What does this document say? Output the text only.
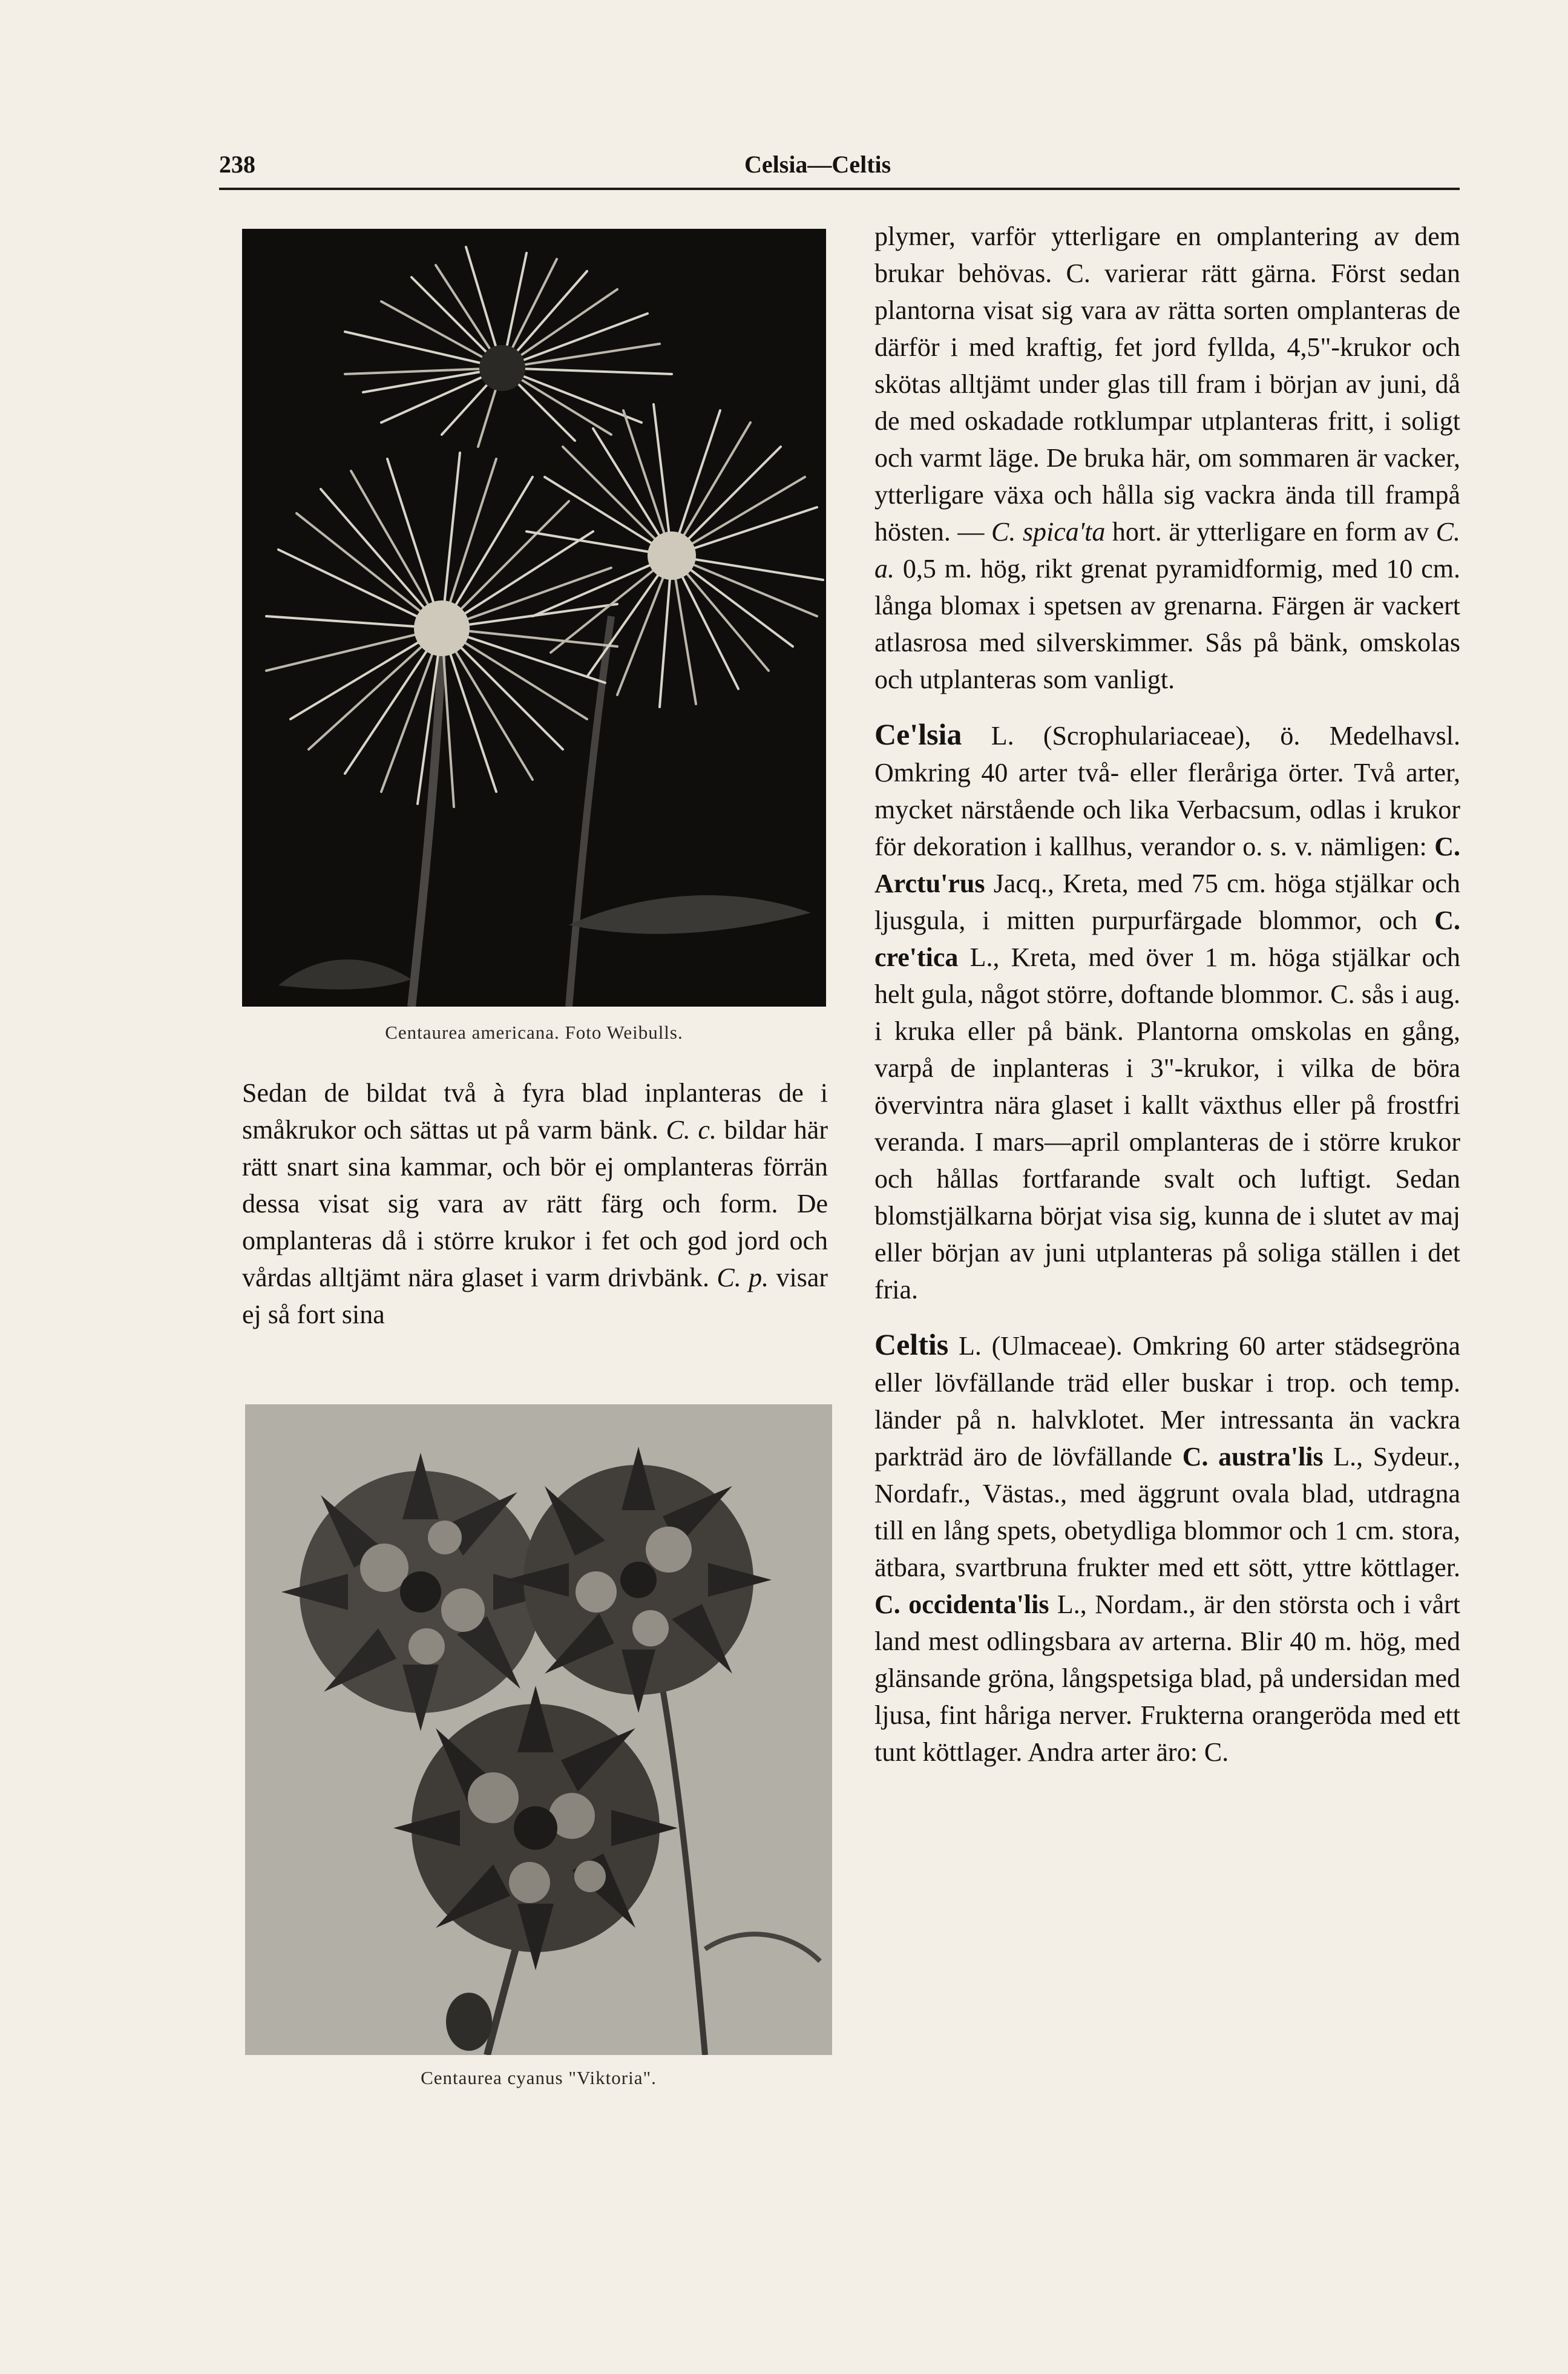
238	Celsia—Celtis
Centaurea americana. Foto Weibulls.

Sedan de bildat två à fyra blad inplanteras de i småkrukor och sättas ut på varm bänk. C. c. bildar här rätt snart sina kammar, och bör ej omplanteras förrän dessa visat sig vara av rätt färg och form. De omplanteras då i större krukor i fet och god jord och vårdas alltjämt nära glaset i varm drivbänk. C. p. visar ej så fort sina

Centaurea cyanus "Viktoria".

plymer, varför ytterligare en omplantering av dem brukar behövas. C. varierar rätt gärna. Först sedan plantorna visat sig vara av rätta sorten omplanteras de därför i med kraftig, fet jord fyllda, 4,5"-krukor och skötas alltjämt under glas till fram i början av juni, då de med oskadade rotklumpar utplanteras fritt, i soligt och varmt läge. De bruka här, om sommaren är vacker, ytterligare växa och hålla sig vackra ända till frampå hösten. — C. spica'ta hort. är ytterligare en form av C. a. 0,5 m. hög, rikt grenat pyramidformig, med 10 cm. långa blomax i spetsen av grenarna. Färgen är vackert atlasrosa med silverskimmer. Sås på bänk, omskolas och utplanteras som vanligt.

Ce'lsia L. (Scrophulariaceae), ö. Medelhavsl. Omkring 40 arter två- eller fleråriga örter. Två arter, mycket närstående och lika Verbacsum, odlas i krukor för dekoration i kallhus, verandor o. s. v. nämligen: C. Arctu'rus Jacq., Kreta, med 75 cm. höga stjälkar och ljusgula, i mitten purpurfärgade blommor, och C. cre'tica L., Kreta, med över 1 m. höga stjälkar och helt gula, något större, doftande blommor. C. sås i aug. i kruka eller på bänk. Plantorna omskolas en gång, varpå de inplanteras i 3"-krukor, i vilka de böra övervintra nära glaset i kallt växthus eller på frostfri veranda. I mars—april omplanteras de i större krukor och hållas fortfarande svalt och luftigt. Sedan blomstjälkarna börjat visa sig, kunna de i slutet av maj eller början av juni utplanteras på soliga ställen i det fria.

Celtis L. (Ulmaceae). Omkring 60 arter städsegröna eller lövfällande träd eller buskar i trop. och temp. länder på n. halvklotet. Mer intressanta än vackra parkträd äro de lövfällande C. austra'lis L., Sydeur., Nordafr., Västas., med äggrunt ovala blad, utdragna till en lång spets, obetydliga blommor och 1 cm. stora, ätbara, svartbruna frukter med ett sött, yttre köttlager. C. occidenta'lis L., Nordam., är den största och i vårt land mest odlingsbara av arterna. Blir 40 m. hög, med glänsande gröna, långspetsiga blad, på undersidan med ljusa, fint håriga nerver. Frukterna orangeröda med ett tunt köttlager. Andra arter äro: C.
